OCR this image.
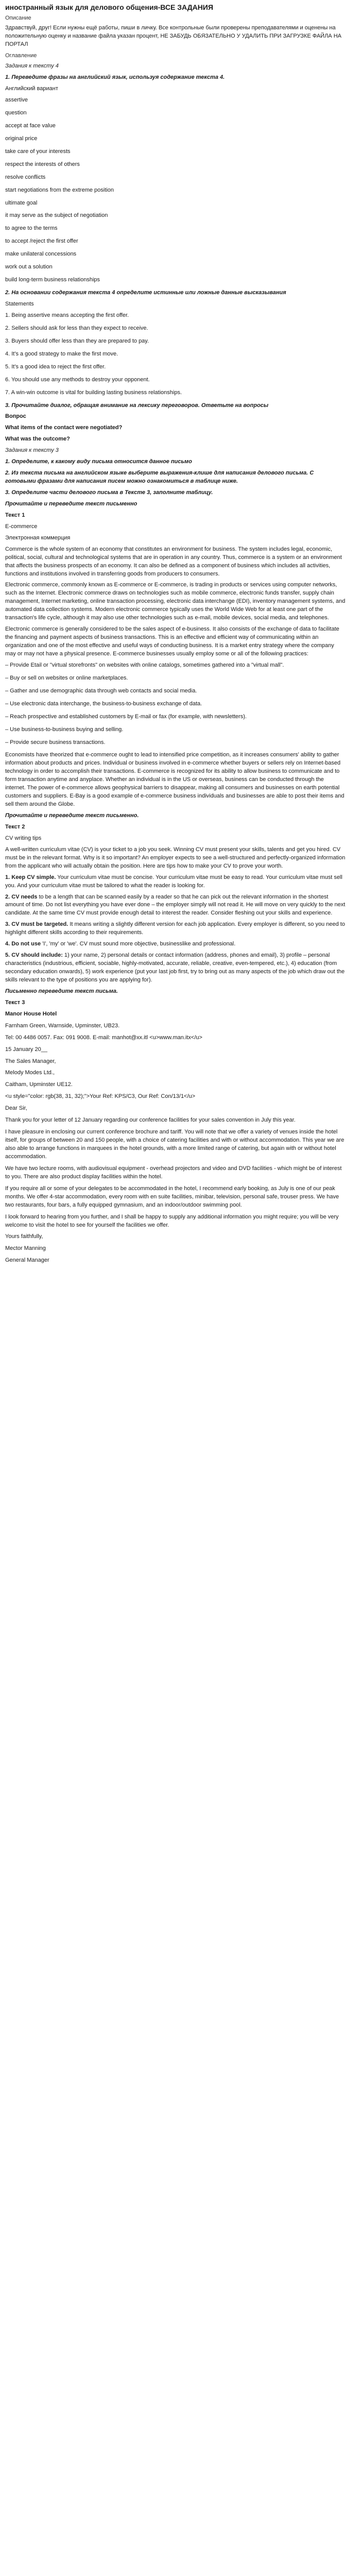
иностранный язык для делового общения-ВСЕ ЗАДАНИЯ
Описание

Здравствуй, друг! Если нужны ещё работы, пиши в личку. Все контрольные были проверены преподавателями и оценены на положительную оценку и название файла указан процент, НЕ ЗАБУДЬ ОБЯЗАТЕЛЬНО У УДАЛИТЬ ПРИ ЗАГРУЗКЕ ФАЙЛА НА ПОРТАЛ

Оглавление

Задания к тексту 4

1. Переведите фразы на английский язык, используя содержание текста 4.

Английский вариант

assertive
question
accept at face value
original price
take care of your interests
respect the interests of others
resolve conflicts
start negotiations from the extreme position
ultimate goal
it may serve as the subject of negotiation
to agree to the terms
to accept /reject the first offer
make unilateral concessions
work out a solution
build long-term business relationships

2. На основании содержания текста 4 определите истинные или ложные данные высказывания

Statements

1. Being assertive means accepting the first offer.
2. Sellers should ask for less than they expect to receive.
3. Buyers should offer less than they are prepared to pay.
4. It's a good strategy to make the first move.
5. It's a good idea to reject the first offer.
6. You should use any methods to destroy your opponent.
7. A win-win outcome is vital for building lasting business relationships.

3. Прочитайте диалог, обращая внимание на лексику переговоров. Ответьте на вопросы

Вопрос

What items of the contact were negotiated?

What was the outcome?

Задания к тексту 3

1. Определите, к какому виду письма относится данное письмо

2. Из текста письма на английском языке выберите выражения-клише для написания делового письма. С готовыми фразами для написания писем можно ознакомиться в таблице ниже.

3. Определите части делового письма в Тексте 3, заполните таблицу.

Прочитайте и переведите текст письменно

Текст 1

E-commerce

Электронная коммерция

Commerce is the whole system of an economy that constitutes an environment for business. The system includes legal, economic, political, social, cultural and technological systems that are in operation in any country. Thus, commerce is a system or an environment that affects the business prospects of an economy. It can also be defined as a component of business which includes all activities, functions and institutions involved in transferring goods from producers to consumers.

Electronic commerce, commonly known as E-commerce or E-commerce, is trading in products or services using computer networks, such as the Internet. Electronic commerce draws on technologies such as mobile commerce, electronic funds transfer, supply chain management, Internet marketing, online transaction processing, electronic data interchange (EDI), inventory management systems, and automated data collection systems. Modern electronic commerce typically uses the World Wide Web for at least one part of the transaction's life cycle, although it may also use other technologies such as e-mail, mobile devices, social media, and telephones.

Electronic commerce is generally considered to be the sales aspect of e-business. It also consists of the exchange of data to facilitate the financing and payment aspects of business transactions. This is an effective and efficient way of communicating within an organization and one of the most effective and useful ways of conducting business. It is a market entry strategy where the company may or may not have a physical presence. E-commerce businesses usually employ some or all of the following practices:

– Provide Etail or "virtual storefronts" on websites with online catalogs, sometimes gathered into a "virtual mall".
– Buy or sell on websites or online marketplaces.
– Gather and use demographic data through web contacts and social media.
– Use electronic data interchange, the business-to-business exchange of data.
– Reach prospective and established customers by E-mail or fax (for example, with newsletters).
– Use business-to-business buying and selling.
– Provide secure business transactions.

Economists have theorized that e-commerce ought to lead to intensified price competition, as it increases consumers' ability to gather information about products and prices. Individual or business involved in e-commerce whether buyers or sellers rely on Internet-based technology in order to accomplish their transactions. E-commerce is recognized for its ability to allow business to communicate and to form transaction anytime and anyplace. Whether an individual is in the US or overseas, business can be conducted through the internet. The power of e-commerce allows geophysical barriers to disappear, making all consumers and businesses on earth potential customers and suppliers. E-Bay is a good example of e-commerce business individuals and businesses are able to post their items and sell them around the Globe.

Прочитайте и переведите текст письменно.

Текст 2

CV writing tips

A well-written curriculum vitae (CV) is your ticket to a job you seek. Winning CV must present your skills, talents and get you hired. CV must be in the relevant format. Why is it so important? An employer expects to see a well-structured and perfectly-organized information from the applicant who will actually obtain the position. Here are tips how to make your CV to prove your worth.

1. Keep CV simple. Your curriculum vitae must be concise. Your curriculum vitae must be easy to read. Your curriculum vitae must sell you. And your curriculum vitae must be tailored to what the reader is looking for.

2. CV needs to be a length that can be scanned easily by a reader so that he can pick out the relevant information in the shortest amount of time. Do not list everything you have ever done – the employer simply will not read it. He will move on very quickly to the next candidate. At the same time CV must provide enough detail to interest the reader. Consider fleshing out your skills and experience.

3. CV must be targeted. It means writing a slightly different version for each job application. Every employer is different, so you need to highlight different skills according to their requirements.

4. Do not use 'I', 'my' or 'we'. CV must sound more objective, businesslike and professional.

5. CV should include: 1) your name, 2) personal details or contact information (address, phones and email), 3) profile – personal characteristics (industrious, efficient, sociable, highly-motivated, accurate, reliable, creative, even-tempered, etc.), 4) education (from secondary education onwards), 5) work experience (put your last job first, try to bring out as many aspects of the job which draw out the skills relevant to the type of positions you are applying for).

Письменно переведите текст письма.

Текст 3

Manor House Hotel

Farnham Green, Warnside, Upminster, UB23.

Tel: 00 4486 0057. Fax: 091 9008. E-mail: manhot@xx.itl <u>www.man.itx</u>

15 January 20__

The Sales Manager,

Melody Modes Ltd.,

Caitham, Upminster UE12.

<u style="color: rgb(38, 31, 32);">Your Ref: KPS/C3, Our Ref: Con/13/1</u>

Dear Sir,

Thank you for your letter of 12 January regarding our conference facilities for your sales convention in July this year.

I have pleasure in enclosing our current conference brochure and tariff. You will note that we offer a variety of venues inside the hotel itself, for groups of between 20 and 150 people, with a choice of catering facilities and with or without accommodation. This year we are also able to arrange functions in marquees in the hotel grounds, with a more limited range of catering, but again with or without hotel accommodation.

We have two lecture rooms, with audiovisual equipment - overhead projectors and video and DVD facilities - which might be of interest to you. There are also product display facilities within the hotel.

If you require all or some of your delegates to be accommodated in the hotel, I recommend early booking, as July is one of our peak months. We offer 4-star accommodation, every room with en suite facilities, minibar, television, personal safe, trouser press. We have two restaurants, four bars, a fully equipped gymnasium, and an indoor/outdoor swimming pool.

I look forward to hearing from you further, and I shall be happy to supply any additional information you might require; you will be very welcome to visit the hotel to see for yourself the facilities we offer.

Yours faithfully,

Mector Manning

General Manager
